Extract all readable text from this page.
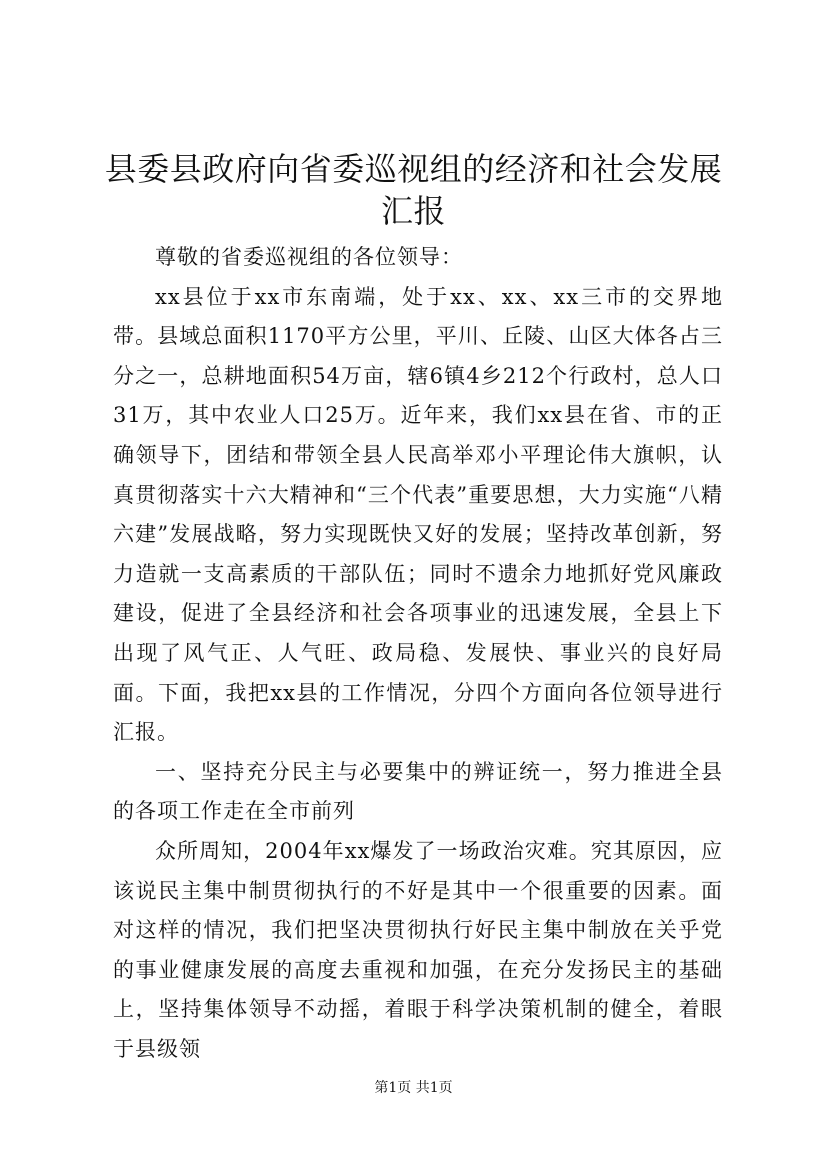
县委县政府向省委巡视组的经济和社会发展汇报

尊敬的省委巡视组的各位领导：

xx县位于xx市东南端，处于xx、xx、xx三市的交界地带。县域总面积1170平方公里，平川、丘陵、山区大体各占三分之一，总耕地面积54万亩，辖6镇4乡212个行政村，总人口31万，其中农业人口25万。近年来，我们xx县在省、市的正确领导下，团结和带领全县人民高举邓小平理论伟大旗帜，认真贯彻落实十六大精神和“三个代表”重要思想，大力实施“八精六建”发展战略，努力实现既快又好的发展；坚持改革创新，努力造就一支高素质的干部队伍；同时不遗余力地抓好党风廉政建设，促进了全县经济和社会各项事业的迅速发展，全县上下出现了风气正、人气旺、政局稳、发展快、事业兴的良好局面。下面，我把xx县的工作情况，分四个方面向各位领导进行汇报。

一、坚持充分民主与必要集中的辨证统一，努力推进全县的各项工作走在全市前列

众所周知，2004年xx爆发了一场政治灾难。究其原因，应该说民主集中制贯彻执行的不好是其中一个很重要的因素。面对这样的情况，我们把坚决贯彻执行好民主集中制放在关乎党的事业健康发展的高度去重视和加强，在充分发扬民主的基础上，坚持集体领导不动摇，着眼于科学决策机制的健全，着眼于县级领

第1页 共1页
